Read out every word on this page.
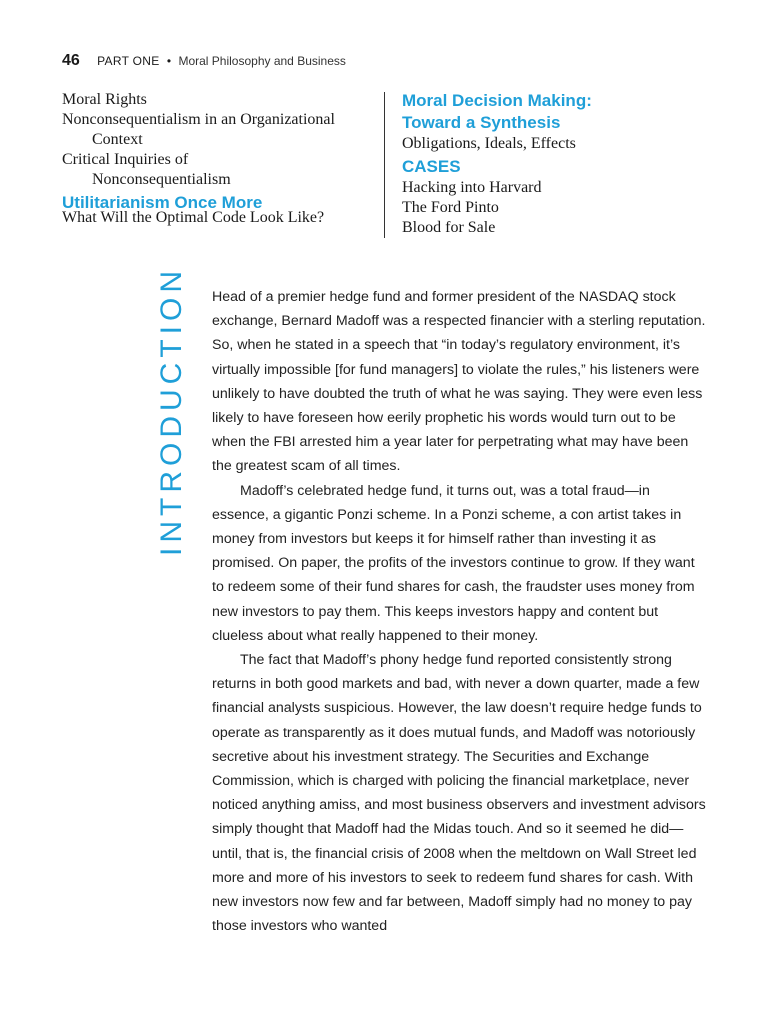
46 PART ONE • Moral Philosophy and Business
Moral Rights
Nonconsequentialism in an Organizational
Context
Critical Inquiries of
Nonconsequentialism
Utilitarianism Once More
What Will the Optimal Code Look Like?
Moral Decision Making:
Toward a Synthesis
Obligations, Ideals, Effects
CASES
Hacking into Harvard
The Ford Pinto
Blood for Sale
INTRODUCTION Head of a premier hedge fund and former president of the NASDAQ stock exchange, Bernard Madoff was a respected financier with a sterling reputation. So, when he stated in a speech that “in today’s regulatory environment, it’s virtually impossible [for fund managers] to violate the rules,” his listeners were unlikely to have doubted the truth of what he was saying. They were even less likely to have foreseen how eerily prophetic his words would turn out to be when the FBI arrested him a year later for perpetrating what may have been the greatest scam of all times.

Madoff’s celebrated hedge fund, it turns out, was a total fraud—in essence, a gigantic Ponzi scheme. In a Ponzi scheme, a con artist takes in money from investors but keeps it for himself rather than investing it as promised. On paper, the profits of the investors continue to grow. If they want to redeem some of their fund shares for cash, the fraudster uses money from new investors to pay them. This keeps investors happy and content but clueless about what really happened to their money.

The fact that Madoff’s phony hedge fund reported consistently strong returns in both good markets and bad, with never a down quarter, made a few financial analysts suspicious. However, the law doesn’t require hedge funds to operate as transparently as it does mutual funds, and Madoff was notoriously secretive about his investment strategy. The Securities and Exchange Commission, which is charged with policing the financial marketplace, never noticed anything amiss, and most business observers and investment advisors simply thought that Madoff had the Midas touch. And so it seemed he did—until, that is, the financial crisis of 2008 when the meltdown on Wall Street led more and more of his investors to seek to redeem fund shares for cash. With new investors now few and far between, Madoff simply had no money to pay those investors who wanted
